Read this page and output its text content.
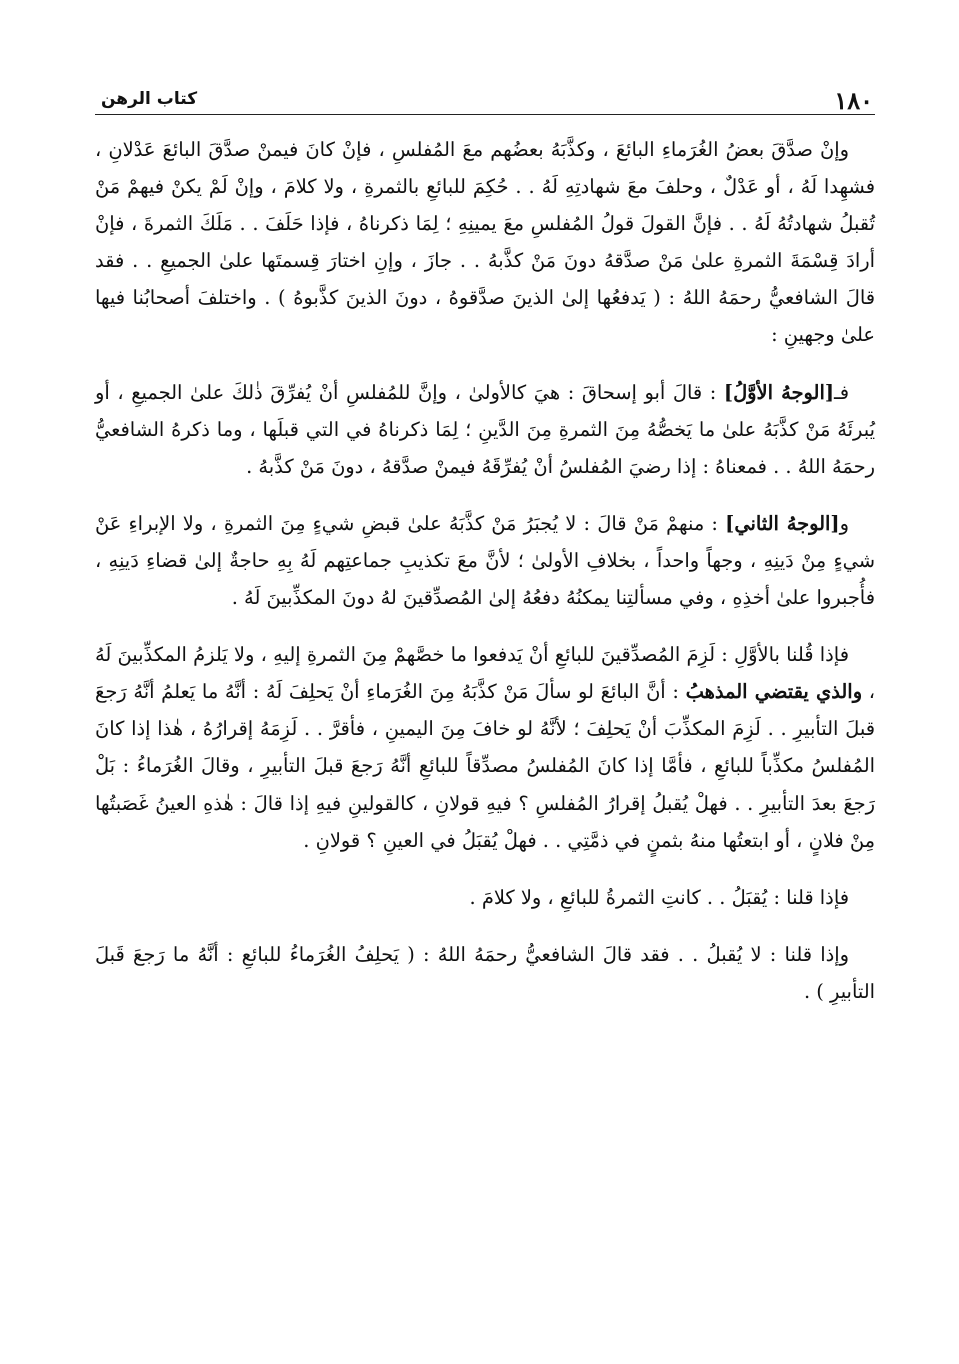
١٨٠
كتاب الرهن

وإنْ صدَّقَ بعضُ الغُرَماءِ البائعَ ، وكذَّبَهُ بعضُهم معَ المُفلسِ ، فإنْ كانَ فيمنْ صدَّقَ البائعَ عَدْلانِ ، فشهِدا لَهُ ، أو عَدْلٌ ، وحلفَ معَ شهادتِهِ لَهُ . . حُكِمَ للبائعِ بالثمرةِ ، ولا كلامَ ، وإنْ لَمْ يكنْ فيهمْ مَنْ تُقبلُ شهادتُهُ لَهُ . . فإنَّ القولَ قولُ المُفلسِ معَ يمينِهِ ؛ لِمَا ذكرناهُ ، فإذا حَلَفَ . . مَلَكَ الثمرةَ ، فإنْ أرادَ قِسْمَةَ الثمرةِ علىٰ مَنْ صدَّقهُ دونَ مَنْ كذَّبهُ . . جازَ ، وإنِ اختارَ قِسمتَها علىٰ الجميعِ . . فقد قالَ الشافعيُّ رحمَهُ اللهُ : ( يَدفعُها إلىٰ الذينَ صدَّقوهُ ، دونَ الذينَ كذَّبوهُ ) . واختلفَ أصحابُنا فيها علىٰ وجهينِ :

فـ[الوجهُ الأوَّلُ] : قالَ أبو إسحاقَ : هيَ كالأولىٰ ، وإنَّ للمُفلسِ أنْ يُفرِّقَ ذٰلكَ علىٰ الجميعِ ، أو يُبرئَهُ مَنْ كذَّبَهُ علىٰ ما يَخصُّهُ مِنَ الثمرةِ مِنَ الدَّينِ ؛ لِمَا ذكرناهُ في التي قبلَها ، وما ذكرهُ الشافعيُّ رحمَهُ اللهُ . . فمعناهُ : إذا رضيَ المُفلسُ أنْ يُفرِّقَهُ فيمنْ صدَّقهُ ، دونَ مَنْ كذَّبهُ .

و[الوجهُ الثاني] : منهمْ مَنْ قالَ : لا يُجبَرُ مَنْ كذَّبَهُ علىٰ قبضِ شيءٍ مِنَ الثمرةِ ، ولا الإبراءِ عَنْ شيءٍ مِنْ دَينِهِ ، وجهاً واحداً ، بخلافِ الأولىٰ ؛ لأنَّ معَ تكذيبِ جماعتِهم لَهُ بِهِ حاجةٌ إلىٰ قضاءِ دَينِهِ ، فأُجبروا علىٰ أخذِهِ ، وفي مسألتِنا يمكنُهُ دفعُهُ إلىٰ المُصدِّقينَ لهُ دونَ المكذِّبينَ لَهُ .

فإذا قُلنا بالأوَّلِ : لَزِمَ المُصدِّقينَ للبائعِ أنْ يَدفعوا ما خصَّهمْ مِنَ الثمرةِ إليهِ ، ولا يَلزمُ المكذِّبينَ لَهُ ، والذي يقتضي المذهبُ : أنَّ البائعَ لو سألَ مَنْ كذَّبَهُ مِنَ الغُرَماءِ أنْ يَحلِفَ لَهُ : أنَّهُ ما يَعلمُ أنَّهُ رَجعَ قبلَ التأبيرِ . . لَزِمَ المكذِّبَ أنْ يَحلِفَ ؛ لأنَّهُ لو خافَ مِنَ اليمينِ ، فأقرَّ . . لَزِمَهُ إقرارُهُ ، هٰذا إذا كانَ المُفلسُ مكذِّباً للبائعِ ، فأمَّا إذا كانَ المُفلسُ مصدِّقاً للبائعِ أنَّهُ رَجعَ قبلَ التأبيرِ ، وقالَ الغُرَماءُ : بَلْ رَجعَ بعدَ التأبيرِ . . فهلْ يُقبلُ إقرارُ المُفلسِ ؟ فيهِ قولانِ ، كالقولينِ فيهِ إذا قالَ : هٰذهِ العينُ غَصَبتُها مِنْ فلانٍ ، أو ابتعتُها منهُ بثمنٍ في ذمَّتِي . . فهلْ يُقبَلُ في العينِ ؟ قولانِ .

فإذا قلنا : يُقبَلُ . . كانتِ الثمرةُ للبائعِ ، ولا كلامَ .

وإذا قلنا : لا يُقبلُ . . فقد قالَ الشافعيُّ رحمَهُ اللهُ : ( يَحلِفُ الغُرَماءُ للبائعِ : أنَّهُ ما رَجعَ قَبلَ التأبيرِ ) .
